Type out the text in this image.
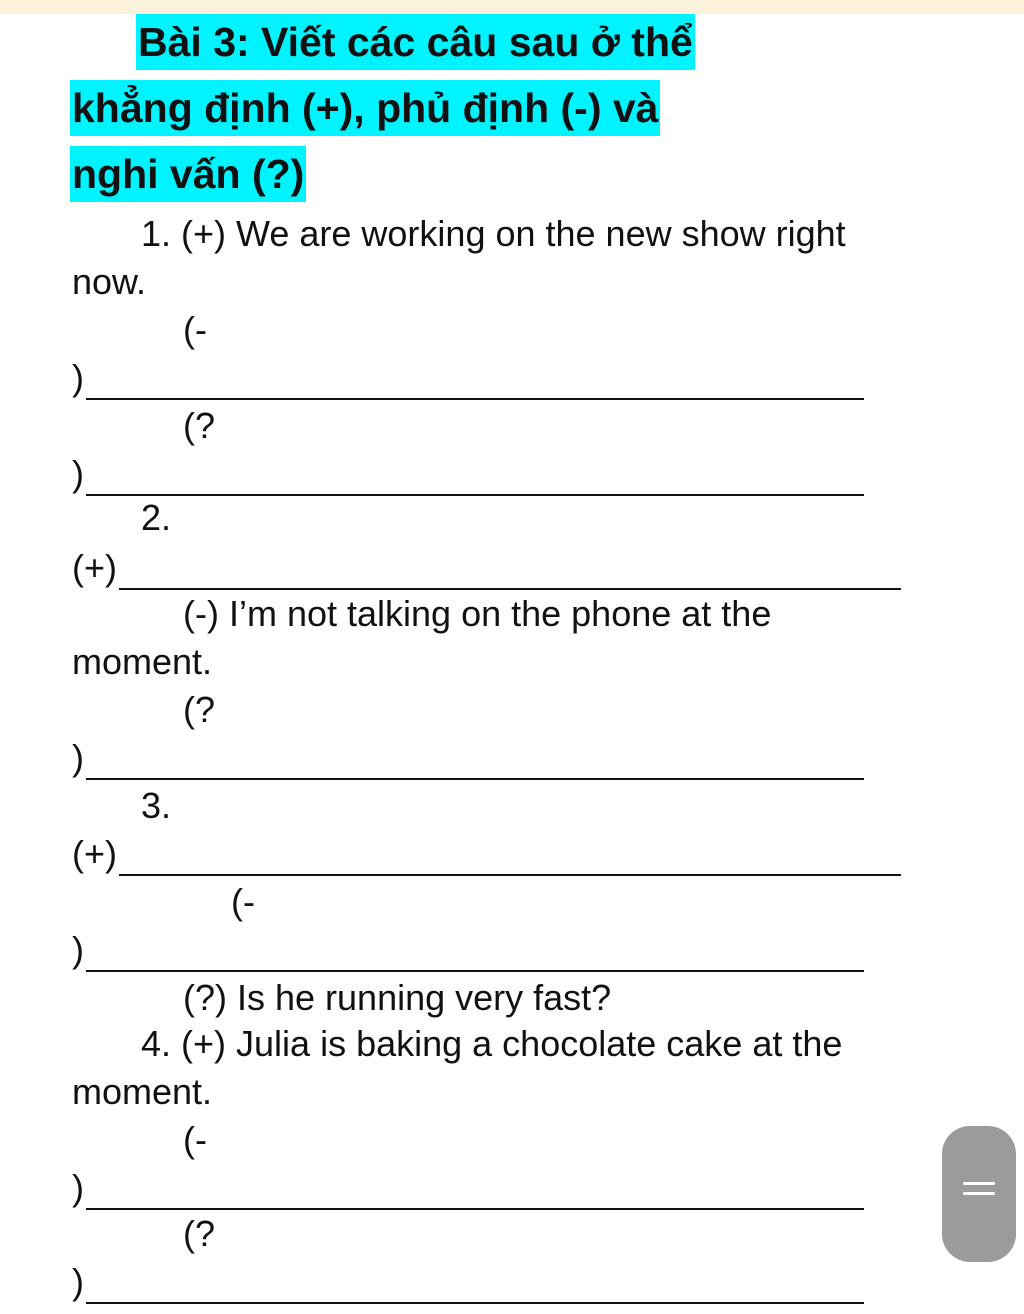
Bài 3: Viết các câu sau ở thể
khẳng định (+), phủ định (-) và
nghi vấn (?)
1. (+) We are working on the new show right
now.
(-
)
(?
)
2.
(+)
(-) I’m not talking on the phone at the
moment.
(?
)
3.
(+)
(-
)
(?) Is he running very fast?
4. (+) Julia is baking a chocolate cake at the
moment.
(-
)
(?
)
